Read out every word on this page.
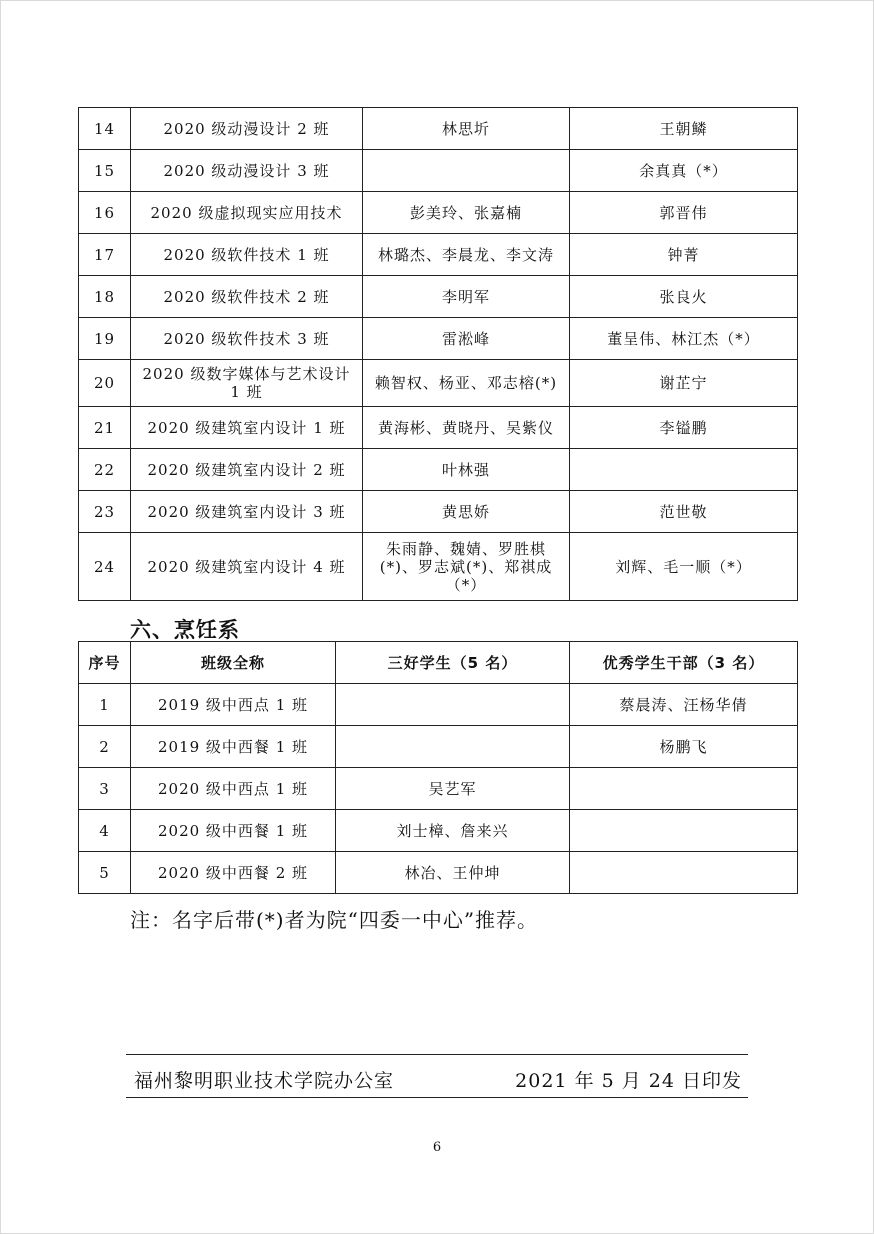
14	2020 级动漫设计 2 班	林思圻	王朝鳞
15	2020 级动漫设计 3 班		余真真（*）
16	2020 级虚拟现实应用技术	彭美玲、张嘉楠	郭晋伟
17	2020 级软件技术 1 班	林璐杰、李晨龙、李文涛	钟菁
18	2020 级软件技术 2 班	李明军	张良火
19	2020 级软件技术 3 班	雷淞峰	董呈伟、林江杰（*）
20	2020 级数字媒体与艺术设计 1 班	赖智权、杨亚、邓志榕(*)	谢芷宁
21	2020 级建筑室内设计 1 班	黄海彬、黄晓丹、吴紫仪	李镒鹏
22	2020 级建筑室内设计 2 班	叶林强	
23	2020 级建筑室内设计 3 班	黄思娇	范世敬
24	2020 级建筑室内设计 4 班	朱雨静、魏婧、罗胜棋(*)、罗志斌(*)、郑祺成（*）	刘辉、毛一顺（*）
六、烹饪系
序号	班级全称	三好学生（5 名）	优秀学生干部（3 名）
1	2019 级中西点 1 班		蔡晨涛、汪杨华倩
2	2019 级中西餐 1 班		杨鹏飞
3	2020 级中西点 1 班	吴艺军	
4	2020 级中西餐 1 班	刘士樟、詹来兴	
5	2020 级中西餐 2 班	林冶、王仲坤	
注：名字后带(*)者为院“四委一中心”推荐。
福州黎明职业技术学院办公室	2021 年 5 月 24 日印发
6
